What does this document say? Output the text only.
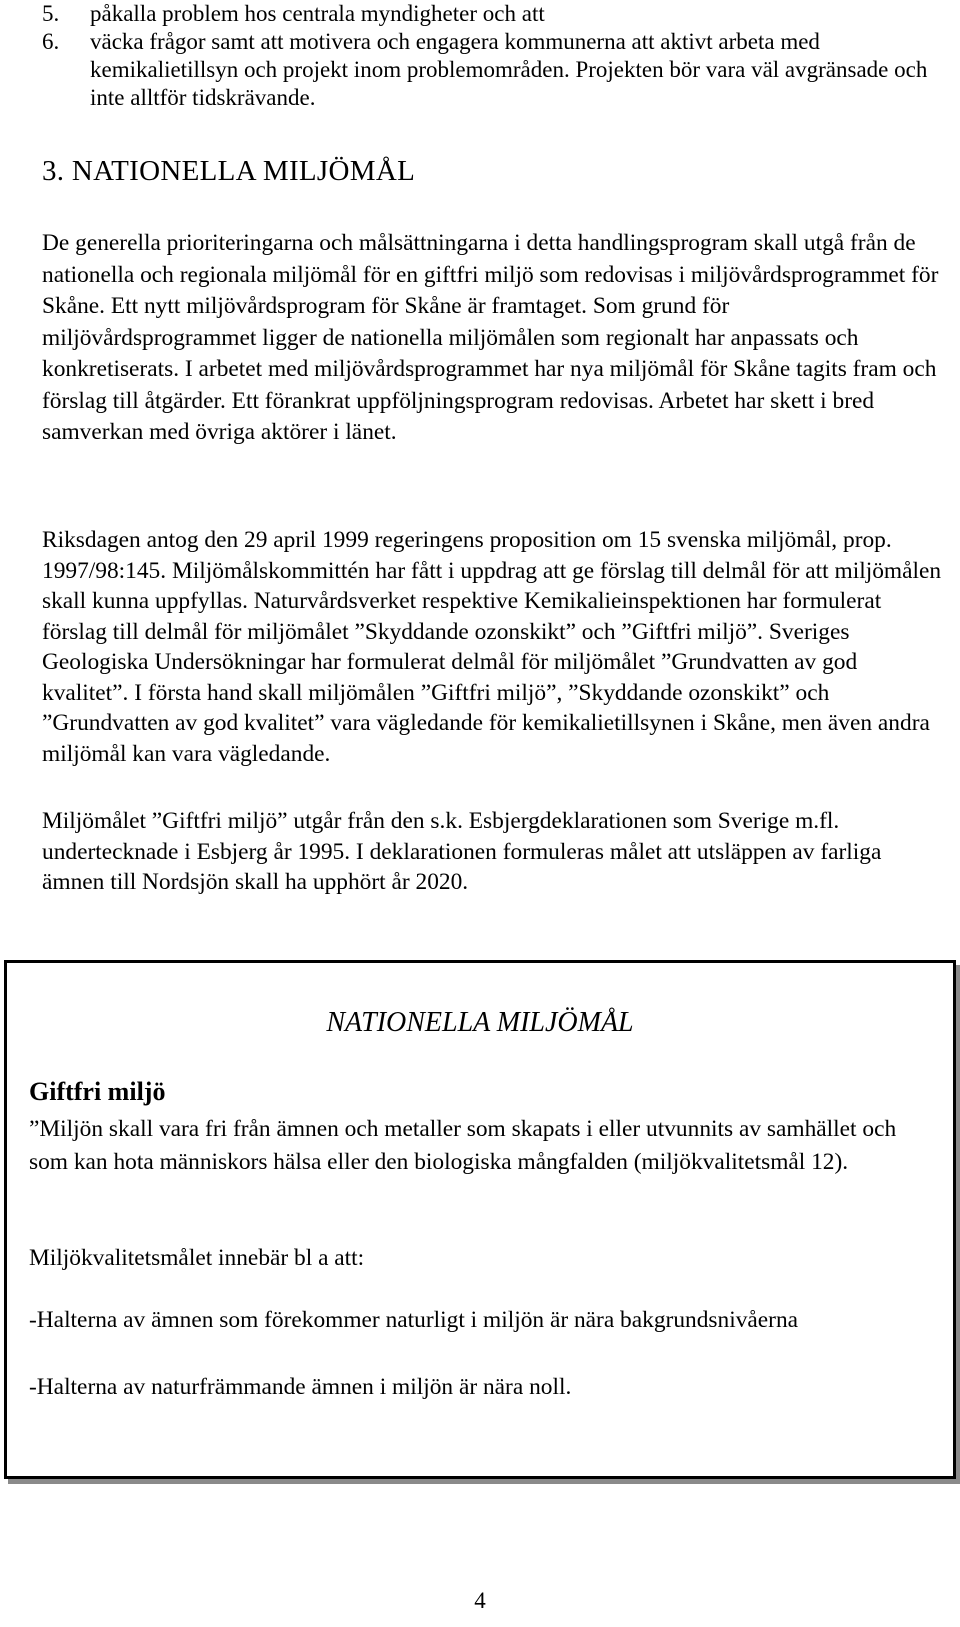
5.	påkalla problem hos centrala myndigheter och att
6.	väcka frågor samt att motivera och engagera kommunerna att aktivt arbeta med kemikalietillsyn och projekt inom problemområden. Projekten bör vara väl avgränsade och inte alltför tidskrävande.
3. NATIONELLA MILJÖMÅL
De generella prioriteringarna och målsättningarna i detta handlingsprogram skall utgå från de nationella och regionala miljömål för en giftfri miljö som redovisas i miljövårdsprogrammet för Skåne. Ett nytt miljövårdsprogram för Skåne är framtaget. Som grund för miljövårdsprogrammet ligger de nationella miljömålen som regionalt har anpassats och konkretiserats. I arbetet med miljövårdsprogrammet har nya miljömål för Skåne tagits fram och förslag till åtgärder. Ett förankrat uppföljningsprogram redovisas. Arbetet har skett i bred samverkan med övriga aktörer i länet.
Riksdagen antog den 29 april 1999 regeringens proposition om 15 svenska miljömål, prop. 1997/98:145. Miljömålskommittén har fått i uppdrag att ge förslag till delmål för att miljömålen skall kunna uppfyllas. Naturvårdsverket respektive Kemikalieinspektionen har formulerat förslag till delmål för miljömålet ”Skyddande ozonskikt” och ”Giftfri miljö”. Sveriges Geologiska Undersökningar har formulerat delmål för miljömålet ”Grundvatten av god kvalitet”. I första hand skall miljömålen ”Giftfri miljö”, ”Skyddande ozonskikt” och ”Grundvatten av god kvalitet” vara vägledande för kemikalietillsynen i Skåne, men även andra miljömål kan vara vägledande.
Miljömålet ”Giftfri miljö” utgår från den s.k. Esbjergdeklarationen som Sverige m.fl. undertecknade i Esbjerg år 1995. I deklarationen formuleras målet att utsläppen av farliga ämnen till Nordsjön skall ha upphört år 2020.
NATIONELLA MILJÖMÅL
Giftfri miljö
”Miljön skall vara fri från ämnen och metaller som skapats i eller utvunnits av samhället och som kan hota människors hälsa eller den biologiska mångfalden (miljökvalitetsmål 12).
Miljökvalitetsmålet innebär bl a att:
-Halterna av ämnen som förekommer naturligt i miljön är nära bakgrundsnivåerna
-Halterna av naturfrämmande ämnen i miljön är nära noll.
4
